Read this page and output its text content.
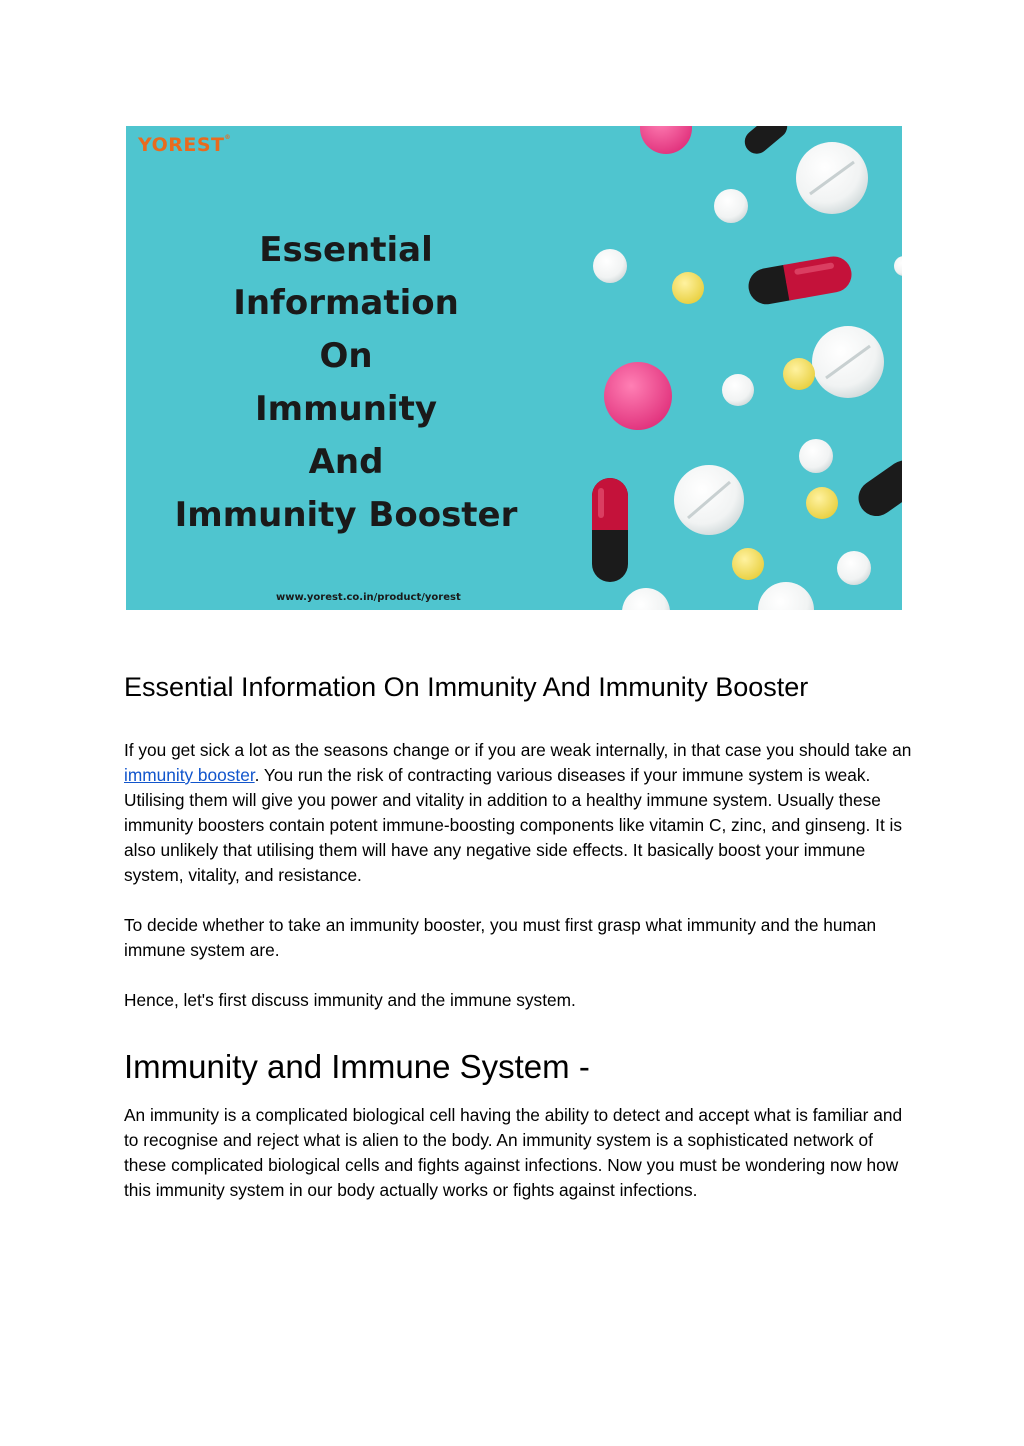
YOREST®
Essential
Information
On
Immunity
And
Immunity Booster
www.yorest.co.in/product/yorest
Essential Information On Immunity And Immunity Booster

If you get sick a lot as the seasons change or if you are weak internally, in that case you should take an immunity booster. You run the risk of contracting various diseases if your immune system is weak. Utilising them will give you power and vitality in addition to a healthy immune system. Usually these immunity boosters contain potent immune-boosting components like vitamin C, zinc, and ginseng. It is also unlikely that utilising them will have any negative side effects. It basically boost your immune system, vitality, and resistance.

To decide whether to take an immunity booster, you must first grasp what immunity and the human immune system are.

Hence, let's first discuss immunity and the immune system.

Immunity and Immune System -

An immunity is a complicated biological cell having the ability to detect and accept what is familiar and to recognise and reject what is alien to the body. An immunity system is a sophisticated network of these complicated biological cells and fights against infections. Now you must be wondering now how this immunity system in our body actually works or fights against infections.
